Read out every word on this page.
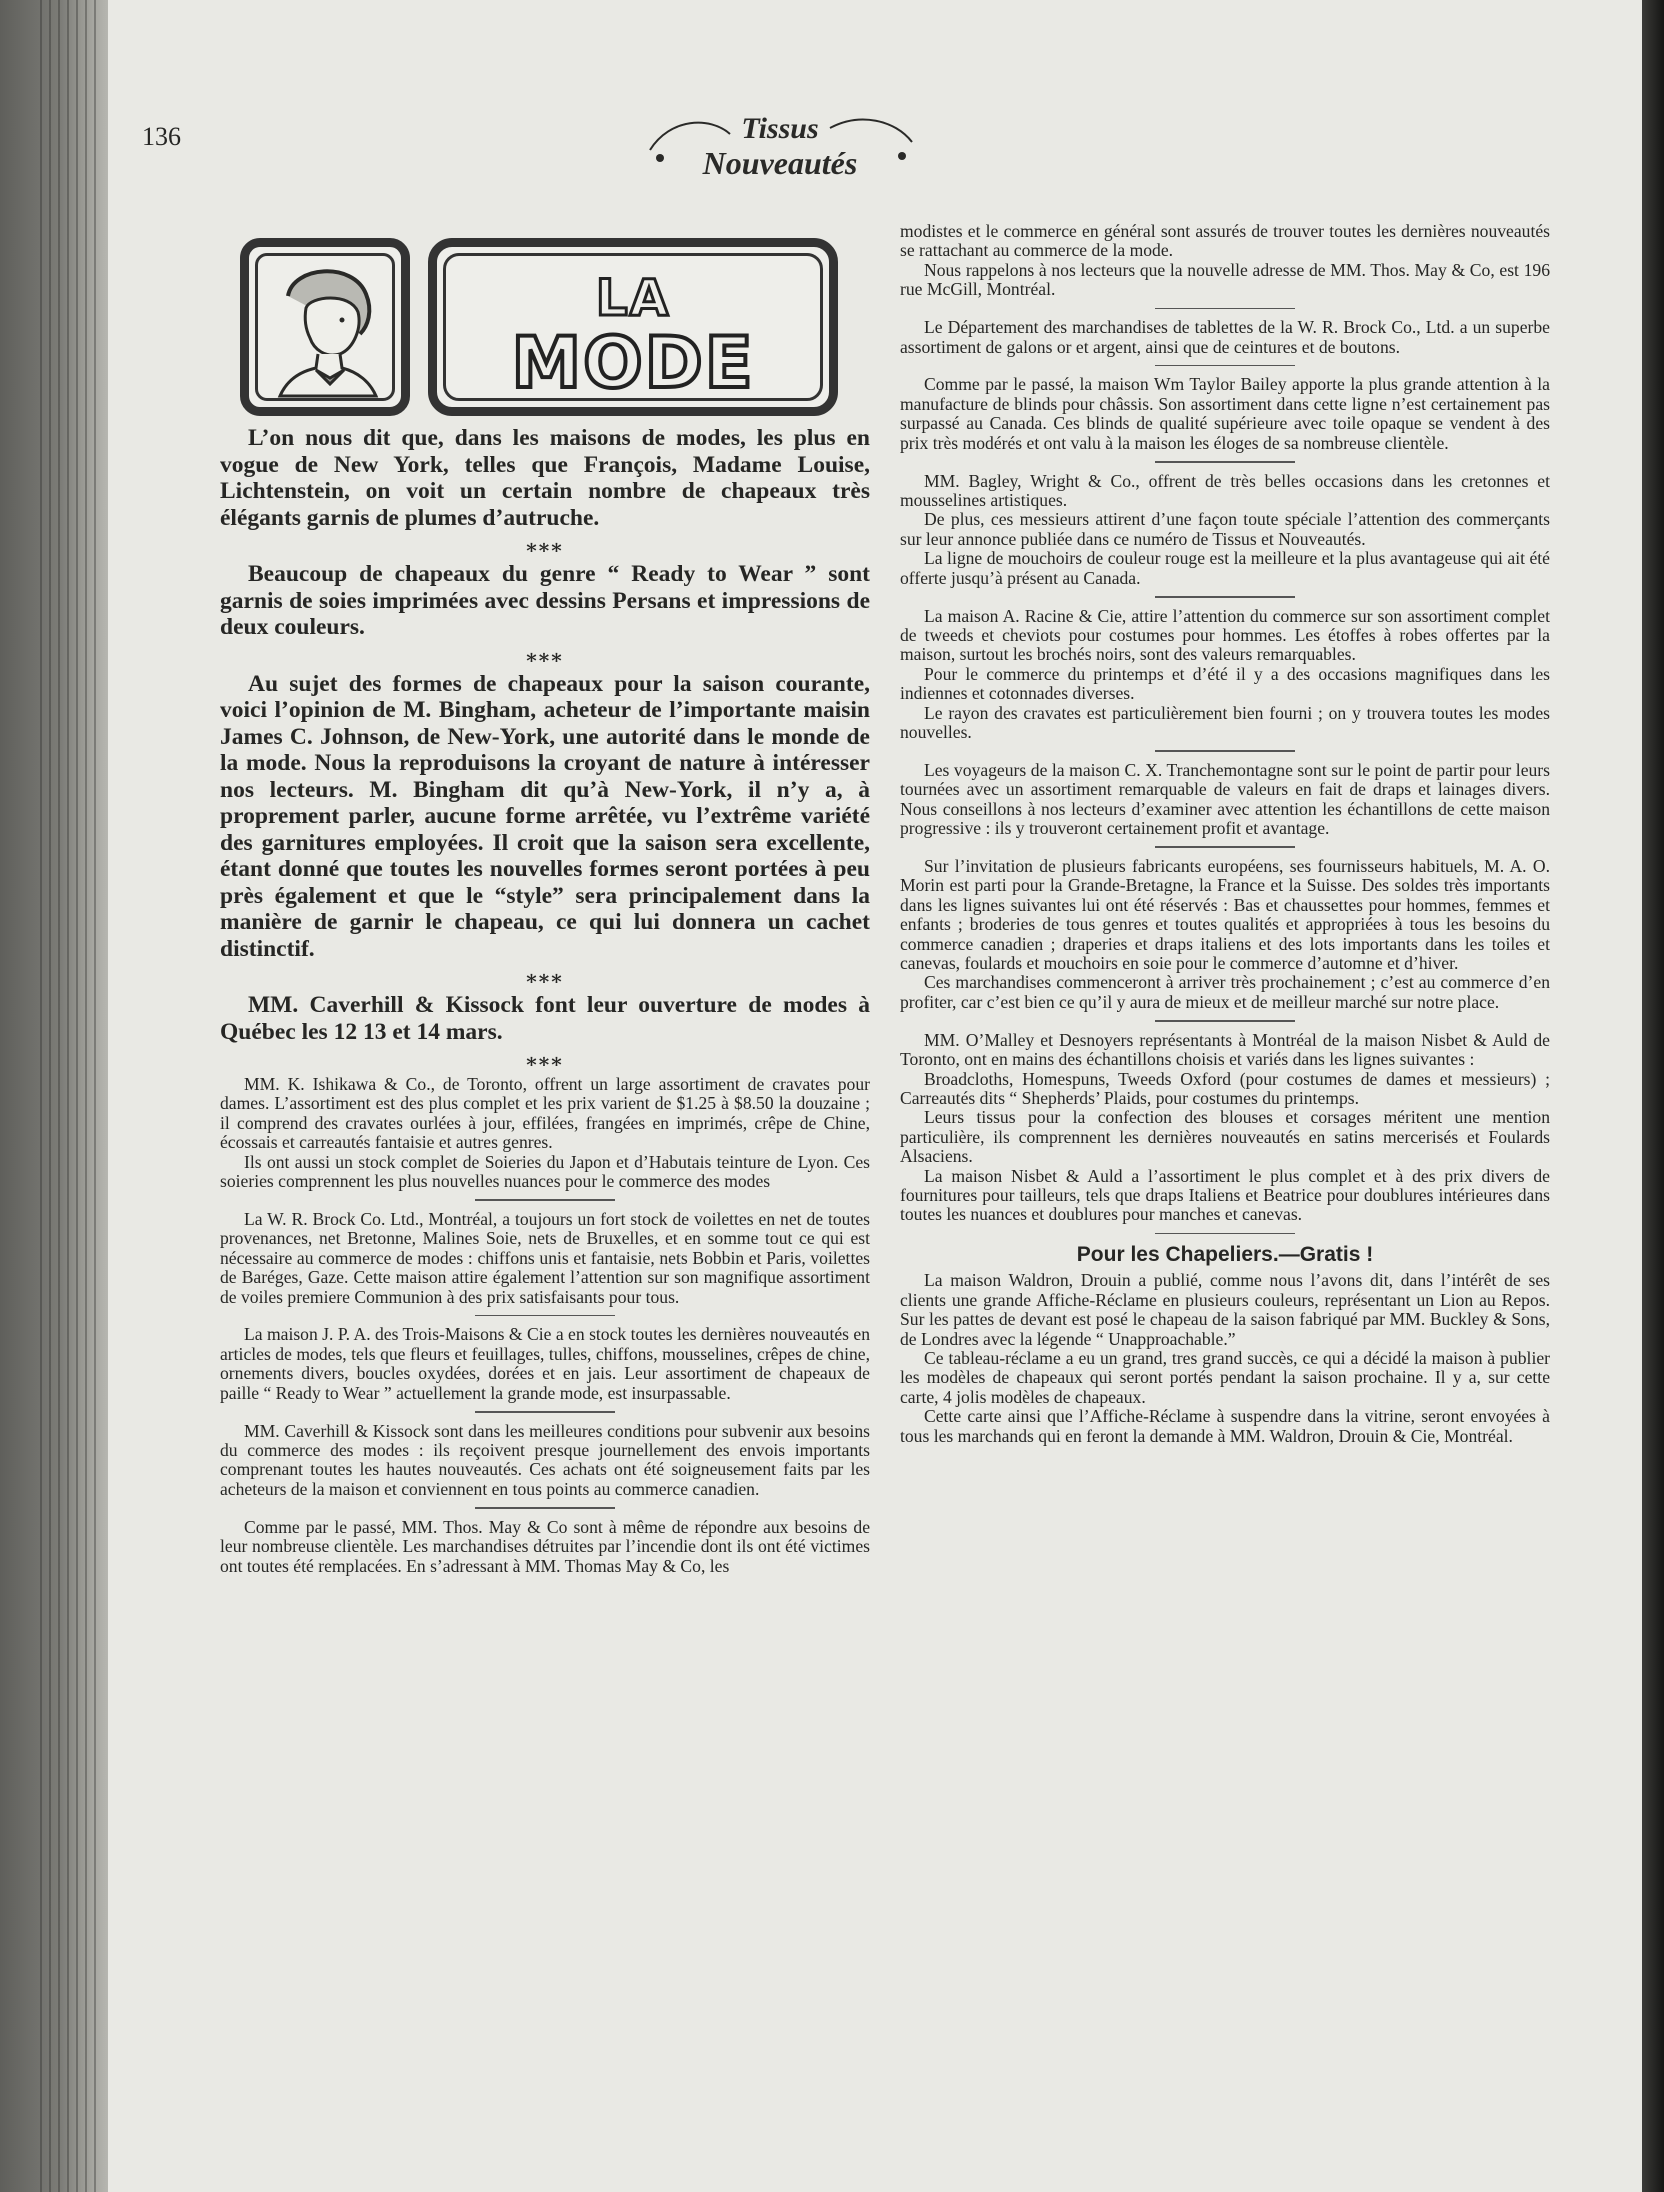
136	Tissus
Nouveautés
LA
MODE

L’on nous dit que, dans les maisons de modes, les plus en vogue de New York, telles que François, Madame Louise, Lichtenstein, on voit un certain nombre de chapeaux très élégants garnis de plumes d’autruche.

⁎⁎⁎

Beaucoup de chapeaux du genre “ Ready to Wear ” sont garnis de soies imprimées avec dessins Persans et impressions de deux couleurs.

⁎⁎⁎

Au sujet des formes de chapeaux pour la saison courante, voici l’opinion de M. Bingham, acheteur de l’importante maisin James C. Johnson, de New-York, une autorité dans le monde de la mode. Nous la reproduisons la croyant de nature à intéresser nos lecteurs. M. Bingham dit qu’à New-York, il n’y a, à proprement parler, aucune forme arrêtée, vu l’extrême variété des garnitures employées. Il croit que la saison sera excellente, étant donné que toutes les nouvelles formes seront portées à peu près également et que le “style” sera principalement dans la manière de garnir le chapeau, ce qui lui donnera un cachet distinctif.

⁎⁎⁎

MM. Caverhill & Kissock font leur ouverture de modes à Québec les 12 13 et 14 mars.

⁎⁎⁎

MM. K. Ishikawa & Co., de Toronto, offrent un large assortiment de cravates pour dames. L’assortiment est des plus complet et les prix varient de $1.25 à $8.50 la douzaine ; il comprend des cravates ourlées à jour, effilées, frangées en imprimés, crêpe de Chine, écossais et carreautés fantaisie et autres genres.

Ils ont aussi un stock complet de Soieries du Japon et d’Habutais teinture de Lyon. Ces soieries comprennent les plus nouvelles nuances pour le commerce des modes

La W. R. Brock Co. Ltd., Montréal, a toujours un fort stock de voilettes en net de toutes provenances, net Bretonne, Malines Soie, nets de Bruxelles, et en somme tout ce qui est nécessaire au commerce de modes : chiffons unis et fantaisie, nets Bobbin et Paris, voilettes de Baréges, Gaze. Cette maison attire également l’attention sur son magnifique assortiment de voiles premiere Communion à des prix satisfaisants pour tous.

La maison J. P. A. des Trois-Maisons & Cie a en stock toutes les dernières nouveautés en articles de modes, tels que fleurs et feuillages, tulles, chiffons, mousselines, crêpes de chine, ornements divers, boucles oxydées, dorées et en jais. Leur assortiment de chapeaux de paille “ Ready to Wear ” actuellement la grande mode, est insurpassable.

MM. Caverhill & Kissock sont dans les meilleures conditions pour subvenir aux besoins du commerce des modes : ils reçoivent presque journellement des envois importants comprenant toutes les hautes nouveautés. Ces achats ont été soigneusement faits par les acheteurs de la maison et conviennent en tous points au commerce canadien.

Comme par le passé, MM. Thos. May & Co sont à même de répondre aux besoins de leur nombreuse clientèle. Les marchandises détruites par l’incendie dont ils ont été victimes ont toutes été remplacées. En s’adressant à MM. Thomas May & Co, les

modistes et le commerce en général sont assurés de trouver toutes les dernières nouveautés se rattachant au commerce de la mode.

Nous rappelons à nos lecteurs que la nouvelle adresse de MM. Thos. May & Co, est 196 rue McGill, Montréal.

Le Département des marchandises de tablettes de la W. R. Brock Co., Ltd. a un superbe assortiment de galons or et argent, ainsi que de ceintures et de boutons.

Comme par le passé, la maison Wm Taylor Bailey apporte la plus grande attention à la manufacture de blinds pour châssis. Son assortiment dans cette ligne n’est certainement pas surpassé au Canada. Ces blinds de qualité supérieure avec toile opaque se vendent à des prix très modérés et ont valu à la maison les éloges de sa nombreuse clientèle.

MM. Bagley, Wright & Co., offrent de très belles occasions dans les cretonnes et mousselines artistiques.

De plus, ces messieurs attirent d’une façon toute spéciale l’attention des commerçants sur leur annonce publiée dans ce numéro de Tissus et Nouveautés.

La ligne de mouchoirs de couleur rouge est la meilleure et la plus avantageuse qui ait été offerte jusqu’à présent au Canada.

La maison A. Racine & Cie, attire l’attention du commerce sur son assortiment complet de tweeds et cheviots pour costumes pour hommes. Les étoffes à robes offertes par la maison, surtout les brochés noirs, sont des valeurs remarquables.

Pour le commerce du printemps et d’été il y a des occasions magnifiques dans les indiennes et cotonnades diverses.

Le rayon des cravates est particulièrement bien fourni ; on y trouvera toutes les modes nouvelles.

Les voyageurs de la maison C. X. Tranchemontagne sont sur le point de partir pour leurs tournées avec un assortiment remarquable de valeurs en fait de draps et lainages divers. Nous conseillons à nos lecteurs d’examiner avec attention les échantillons de cette maison progressive : ils y trouveront certainement profit et avantage.

Sur l’invitation de plusieurs fabricants européens, ses fournisseurs habituels, M. A. O. Morin est parti pour la Grande-Bretagne, la France et la Suisse. Des soldes très importants dans les lignes suivantes lui ont été réservés : Bas et chaussettes pour hommes, femmes et enfants ; broderies de tous genres et toutes qualités et appropriées à tous les besoins du commerce canadien ; draperies et draps italiens et des lots importants dans les toiles et canevas, foulards et mouchoirs en soie pour le commerce d’automne et d’hiver.

Ces marchandises commenceront à arriver très prochainement ; c’est au commerce d’en profiter, car c’est bien ce qu’il y aura de mieux et de meilleur marché sur notre place.

MM. O’Malley et Desnoyers représentants à Montréal de la maison Nisbet & Auld de Toronto, ont en mains des échantillons choisis et variés dans les lignes suivantes :

Broadcloths, Homespuns, Tweeds Oxford (pour costumes de dames et messieurs) ; Carreautés dits “ Shepherds’ Plaids, pour costumes du printemps.

Leurs tissus pour la confection des blouses et corsages méritent une mention particulière, ils comprennent les dernières nouveautés en satins mercerisés et Foulards Alsaciens.

La maison Nisbet & Auld a l’assortiment le plus complet et à des prix divers de fournitures pour tailleurs, tels que draps Italiens et Beatrice pour doublures intérieures dans toutes les nuances et doublures pour manches et canevas.

Pour les Chapeliers.—Gratis !

La maison Waldron, Drouin a publié, comme nous l’avons dit, dans l’intérêt de ses clients une grande Affiche-Réclame en plusieurs couleurs, représentant un Lion au Repos. Sur les pattes de devant est posé le chapeau de la saison fabriqué par MM. Buckley & Sons, de Londres avec la légende “ Unapproachable.”

Ce tableau-réclame a eu un grand, tres grand succès, ce qui a décidé la maison à publier les modèles de chapeaux qui seront portés pendant la saison prochaine. Il y a, sur cette carte, 4 jolis modèles de chapeaux.

Cette carte ainsi que l’Affiche-Réclame à suspendre dans la vitrine, seront envoyées à tous les marchands qui en feront la demande à MM. Waldron, Drouin & Cie, Montréal.
